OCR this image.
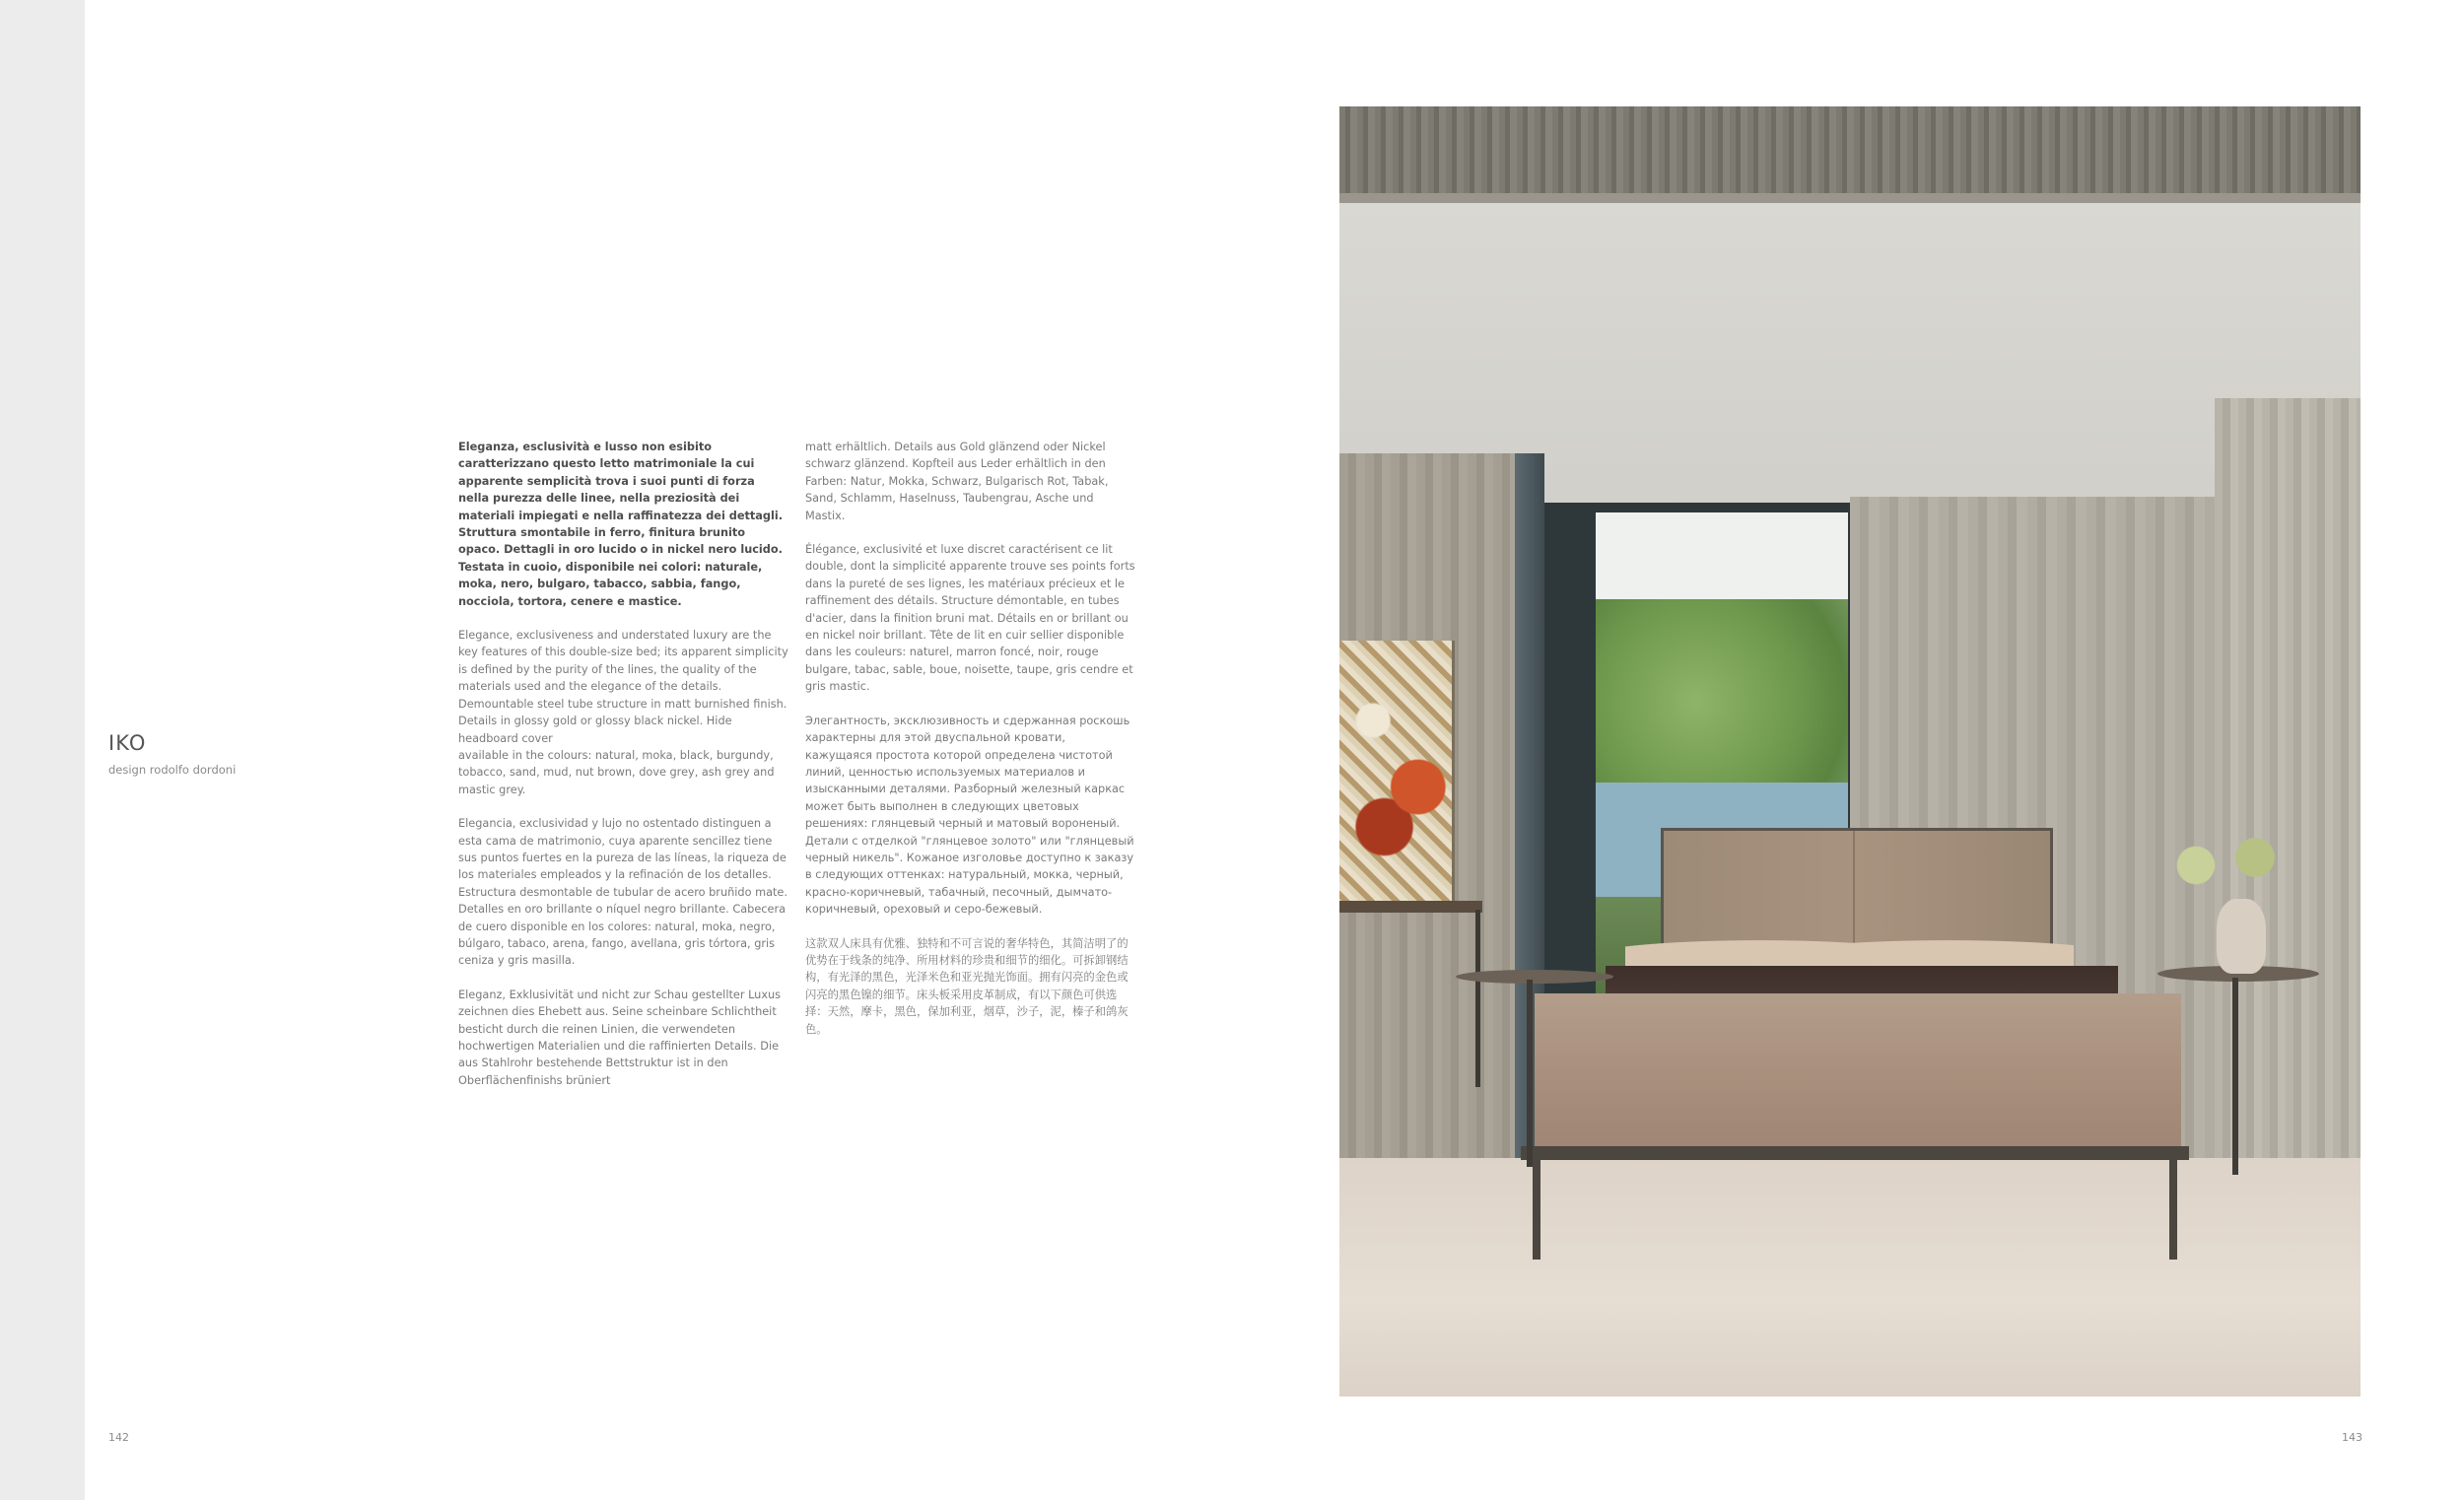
IKO
design rodolfo dordoni

Eleganza, esclusività e lusso non esibito caratterizzano questo letto matrimoniale la cui apparente semplicità trova i suoi punti di forza nella purezza delle linee, nella preziosità dei materiali impiegati e nella raffinatezza dei dettagli. Struttura smontabile in ferro, finitura brunito opaco. Dettagli in oro lucido o in nickel nero lucido. Testata in cuoio, disponibile nei colori: naturale, moka, nero, bulgaro, tabacco, sabbia, fango, nocciola, tortora, cenere e mastice.

Elegance, exclusiveness and understated luxury are the key features of this double-size bed; its apparent simplicity is defined by the purity of the lines, the quality of the materials used and the elegance of the details. Demountable steel tube structure in matt burnished finish. Details in glossy gold or glossy black nickel. Hide headboard cover
available in the colours: natural, moka, black, burgundy, tobacco, sand, mud, nut brown, dove grey, ash grey and mastic grey.

Elegancia, exclusividad y lujo no ostentado distinguen a esta cama de matrimonio, cuya aparente sencillez tiene sus puntos fuertes en la pureza de las líneas, la riqueza de los materiales empleados y la refinación de los detalles. Estructura desmontable de tubular de acero bruñido mate. Detalles en oro brillante o níquel negro brillante. Cabecera de cuero disponible en los colores: natural, moka, negro, búlgaro, tabaco, arena, fango, avellana, gris tórtora, gris ceniza y gris masilla.

Eleganz, Exklusivität und nicht zur Schau gestellter Luxus zeichnen dies Ehebett aus. Seine scheinbare Schlichtheit besticht durch die reinen Linien, die verwendeten hochwertigen Materialien und die raffinierten Details. Die aus Stahlrohr bestehende Bettstruktur ist in den Oberflächenfinishs brüniert

matt erhältlich. Details aus Gold glänzend oder Nickel schwarz glänzend. Kopfteil aus Leder erhältlich in den Farben: Natur, Mokka, Schwarz, Bulgarisch Rot, Tabak, Sand, Schlamm, Haselnuss, Taubengrau, Asche und Mastix.

Élégance, exclusivité et luxe discret caractérisent ce lit double, dont la simplicité apparente trouve ses points forts dans la pureté de ses lignes, les matériaux précieux et le raffinement des détails. Structure démontable, en tubes d'acier, dans la finition bruni mat. Détails en or brillant ou en nickel noir brillant. Tête de lit en cuir sellier disponible dans les couleurs: naturel, marron foncé, noir, rouge bulgare, tabac, sable, boue, noisette, taupe, gris cendre et gris mastic.

Элегантность, эксклюзивность и сдержанная роскошь характерны для этой двуспальной кровати, кажущаяся простота которой определена чистотой линий, ценностью используемых материалов и изысканными деталями. Разборный железный каркас может быть выполнен в следующих цветовых решениях: глянцевый черный и матовый вороненый. Детали с отделкой "глянцевое золото" или "глянцевый черный никель". Кожаное изголовье доступно к заказу в следующих оттенках: натуральный, мокка, черный, красно-коричневый, табачный, песочный, дымчато-коричневый, ореховый и серо-бежевый.

这款双人床具有优雅、独特和不可言说的奢华特色，其简洁明了的优势在于线条的纯净、所用材料的珍贵和细节的细化。可拆卸钢结构，有光泽的黑色，光泽米色和亚光抛光饰面。拥有闪亮的金色或闪亮的黑色镍的细节。床头板采用皮革制成，有以下颜色可供选择：天然，摩卡，黑色，保加利亚，烟草，沙子，泥，榛子和鸽灰色。

142	143
